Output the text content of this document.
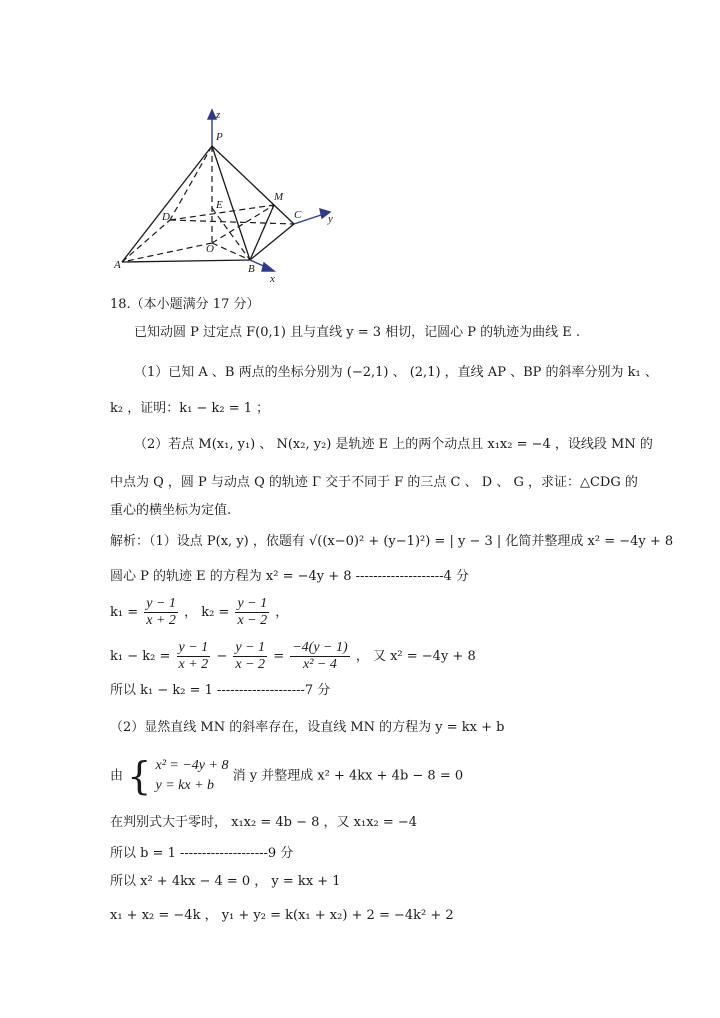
z
P
M
D
E
C y
O
A	B
x
18.（本小题满分 17 分）
已知动圆 P 过定点 F(0,1) 且与直线 y = 3 相切，记圆心 P 的轨迹为曲线 E .
（1）已知 A 、B 两点的坐标分别为 (−2,1) 、 (2,1) ，直线 AP 、BP 的斜率分别为 k₁ 、
k₂ ，证明：k₁ − k₂ = 1 ；
（2）若点 M(x₁, y₁) 、 N(x₂, y₂) 是轨迹 E 上的两个动点且 x₁x₂ = −4 ，设线段 MN 的
中点为 Q ，圆 P 与动点 Q 的轨迹 Γ 交于不同于 F 的三点 C 、 D 、 G ，求证：△CDG 的
重心的横坐标为定值.
解析：（1）设点 P(x, y) ，依题有 √((x−0)² + (y−1)²) = | y − 3 | 化简并整理成 x² = −4y + 8
圆心 P 的轨迹 E 的方程为 x² = −4y + 8 --------------------4 分
$k_1 = \frac{y - 1}{x + 2}$ ， $k_2 = \frac{y - 1}{x - 2}$ ，
$k_1 - k_2 = \frac{y - 1}{x + 2} - \frac{y - 1}{x - 2} = \frac{-4(y - 1)}{\text{x² − 4}}$ ， 又 x² = −4y + 8
所以 k₁ − k₂ = 1 --------------------7 分
（2）显然直线 MN 的斜率存在，设直线 MN 的方程为 y = kx + b
由 { x² = −4y + 8
y = kx + b
消 y 并整理成 x² + 4kx + 4b − 8 = 0
在判别式大于零时， x₁x₂ = 4b − 8 ，又 x₁x₂ = −4
所以 b = 1 --------------------9 分
所以 x² + 4kx − 4 = 0 ， y = kx + 1
x₁ + x₂ = −4k ， y₁ + y₂ = k(x₁ + x₂) + 2 = −4k² + 2
